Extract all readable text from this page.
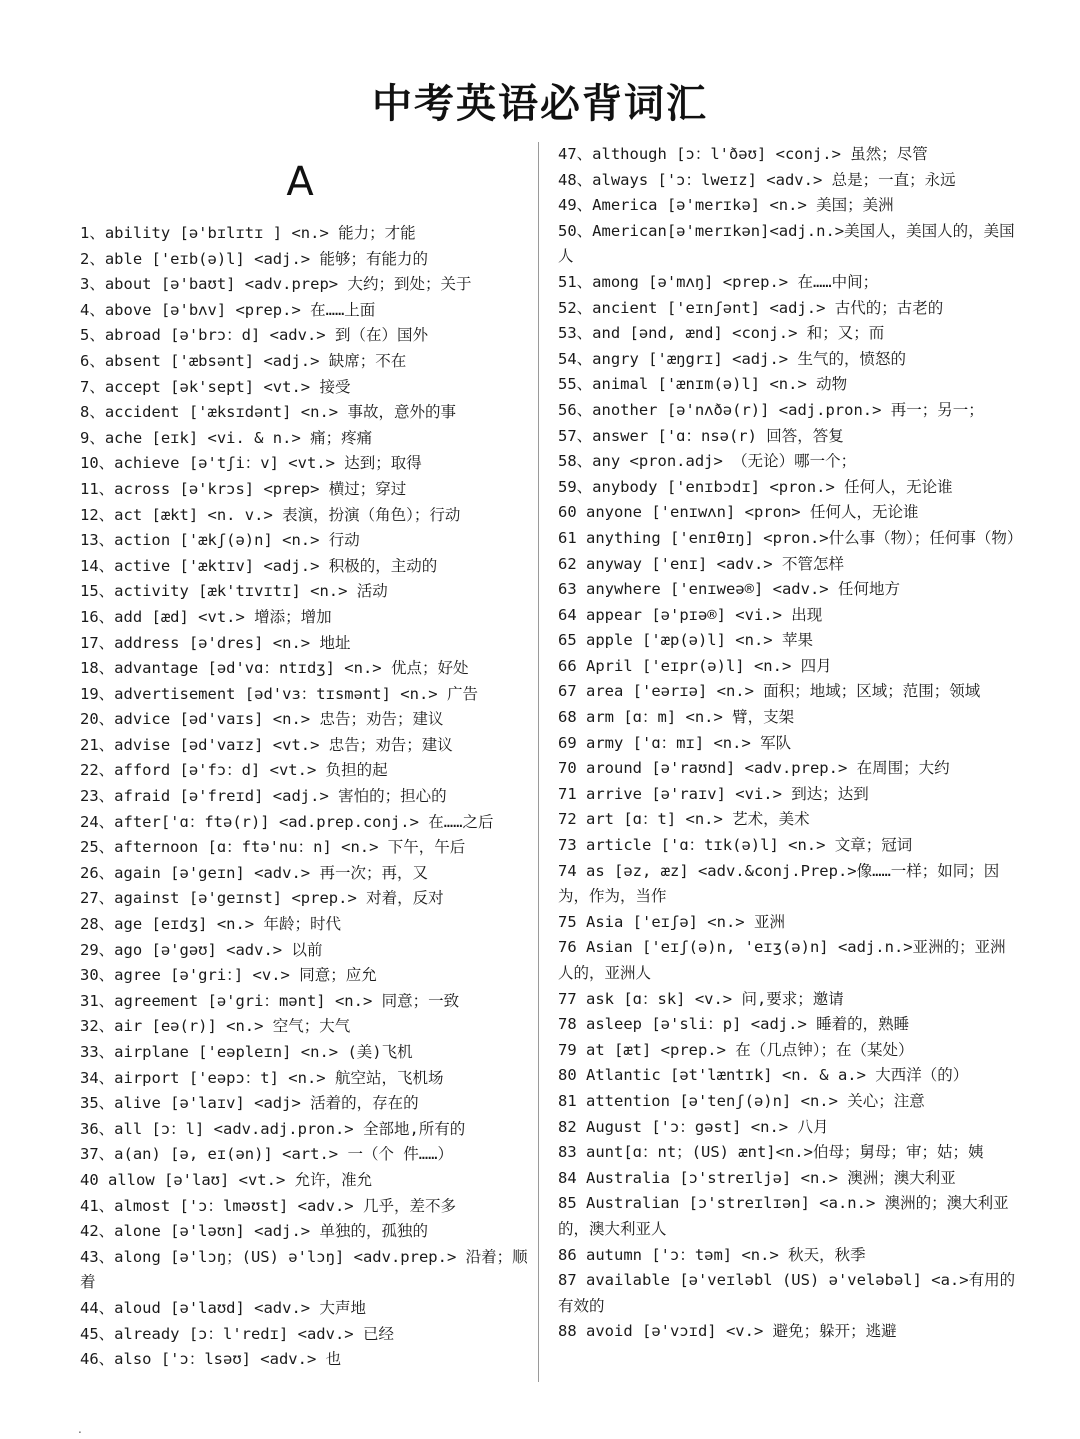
中考英语必背词汇
A
1、ability [ə'bɪlɪtɪ ] <n.> 能力；才能
2、able ['eɪb(ə)l] <adj.> 能够；有能力的
3、about [ə'baʊt] <adv.prep> 大约；到处；关于
4、above [ə'bʌv] <prep.> 在……上面
5、abroad [ə'brɔ：d] <adv.> 到（在）国外
6、absent ['æbsənt] <adj.> 缺席；不在
7、accept [ək'sept] <vt.> 接受
8、accident ['æksɪdənt] <n.> 事故，意外的事
9、ache [eɪk] <vi. & n.> 痛；疼痛
10、achieve [ə'tʃi：v] <vt.> 达到；取得
11、across [ə'krɔs] <prep> 横过；穿过
12、act [ækt] <n. v.> 表演，扮演（角色）；行动
13、action ['ækʃ(ə)n] <n.> 行动
14、active ['æktɪv] <adj.> 积极的，主动的
15、activity [æk'tɪvɪtɪ] <n.> 活动
16、add [æd] <vt.> 增添；增加
17、address [ə'dres] <n.> 地址
18、advantage [əd'vɑ：ntɪdʒ] <n.> 优点；好处
19、advertisement [əd'vɜ：tɪsmənt] <n.> 广告
20、advice [əd'vaɪs] <n.> 忠告；劝告；建议
21、advise [əd'vaɪz] <vt.> 忠告；劝告；建议
22、afford [ə'fɔ：d] <vt.> 负担的起
23、afraid [ə'freɪd] <adj.> 害怕的；担心的
24、after['ɑ：ftə(r)] <ad.prep.conj.> 在……之后
25、afternoon [ɑ：ftə'nu：n] <n.> 下午，午后
26、again [ə'geɪn] <adv.> 再一次；再，又
27、against [ə'geɪnst] <prep.> 对着，反对
28、age [eɪdʒ] <n.> 年龄；时代
29、ago [ə'gəʊ] <adv.> 以前
30、agree [ə'gri：] <v.> 同意；应允
31、agreement [ə'gri：mənt] <n.> 同意；一致
32、air [eə(r)] <n.> 空气；大气
33、airplane ['eəpleɪn] <n.> (美)飞机
34、airport ['eəpɔ：t] <n.> 航空站，飞机场
35、alive [ə'laɪv] <adj> 活着的，存在的
36、all [ɔ：l] <adv.adj.pron.> 全部地,所有的
37、a(an) [ə, eɪ(ən)] <art.> 一（个 件……）
40 allow [ə'laʊ] <vt.> 允许，准允
41、almost ['ɔ：lməʊst] <adv.> 几乎，差不多
42、alone [ə'ləʊn] <adj.> 单独的，孤独的
43、along [ə'lɔŋ；(US) ə'lɔŋ] <adv.prep.> 沿着；顺着
44、aloud [ə'laʊd] <adv.> 大声地
45、already [ɔ：l'redɪ] <adv.> 已经
46、also ['ɔ：lsəʊ] <adv.> 也
47、although [ɔ：l'ðəʊ] <conj.> 虽然；尽管
48、always ['ɔ：lweɪz] <adv.> 总是；一直；永远
49、America [ə'merɪkə] <n.> 美国；美洲
50、American[ə'merɪkən]<adj.n.>美国人，美国人的，美国人
51、among [ə'mʌŋ] <prep.> 在……中间；
52、ancient ['eɪnʃənt] <adj.> 古代的；古老的
53、and [ənd, ænd] <conj.> 和；又；而
54、angry ['æŋgrɪ] <adj.> 生气的，愤怒的
55、animal ['ænɪm(ə)l] <n.> 动物
56、another [ə'nʌðə(r)] <adj.pron.> 再一；另一；
57、answer ['ɑ：nsə(r) 回答，答复
58、any <pron.adj> （无论）哪一个；
59、anybody ['enɪbɔdɪ] <pron.> 任何人，无论谁
60 anyone ['enɪwʌn] <pron> 任何人，无论谁
61 anything ['enɪθɪŋ] <pron.>什么事（物）；任何事（物）
62 anyway ['enɪ] <adv.> 不管怎样
63 anywhere ['enɪweə®] <adv.> 任何地方
64 appear [ə'pɪə®] <vi.> 出现
65 apple ['æp(ə)l] <n.> 苹果
66 April ['eɪpr(ə)l] <n.> 四月
67 area ['eərɪə] <n.> 面积；地域；区域；范围；领域
68 arm [ɑ：m] <n.> 臂，支架
69 army ['ɑ：mɪ] <n.> 军队
70 around [ə'raʊnd] <adv.prep.> 在周围；大约
71 arrive [ə'raɪv] <vi.> 到达；达到
72 art [ɑ：t] <n.> 艺术，美术
73 article ['ɑ：tɪk(ə)l] <n.> 文章；冠词
74 as [əz, æz] <adv.&conj.Prep.>像……一样；如同；因为，作为，当作
75 Asia ['eɪʃə] <n.> 亚洲
76 Asian ['eɪʃ(ə)n, 'eɪʒ(ə)n] <adj.n.>亚洲的；亚洲人的，亚洲人
77 ask [ɑ：sk] <v.> 问,要求；邀请
78 asleep [ə'sli：p] <adj.> 睡着的，熟睡
79 at [æt] <prep.> 在（几点钟）；在（某处）
80 Atlantic [ət'læntɪk] <n. & a.> 大西洋（的）
81 attention [ə'tenʃ(ə)n] <n.> 关心；注意
82 August ['ɔ：gəst] <n.> 八月
83 aunt[ɑ：nt；(US) ænt]<n.>伯母；舅母；审；姑；姨
84 Australia [ɔ'streɪljə] <n.> 澳洲；澳大利亚
85 Australian [ɔ'streɪlɪən] <a.n.> 澳洲的；澳大利亚的，澳大利亚人
86 autumn ['ɔ：təm] <n.> 秋天，秋季
87 available [ə'veɪləbl (US) ə'veləbəl] <a.>有用的有效的
88 avoid [ə'vɔɪd] <v.> 避免；躲开；逃避
.
